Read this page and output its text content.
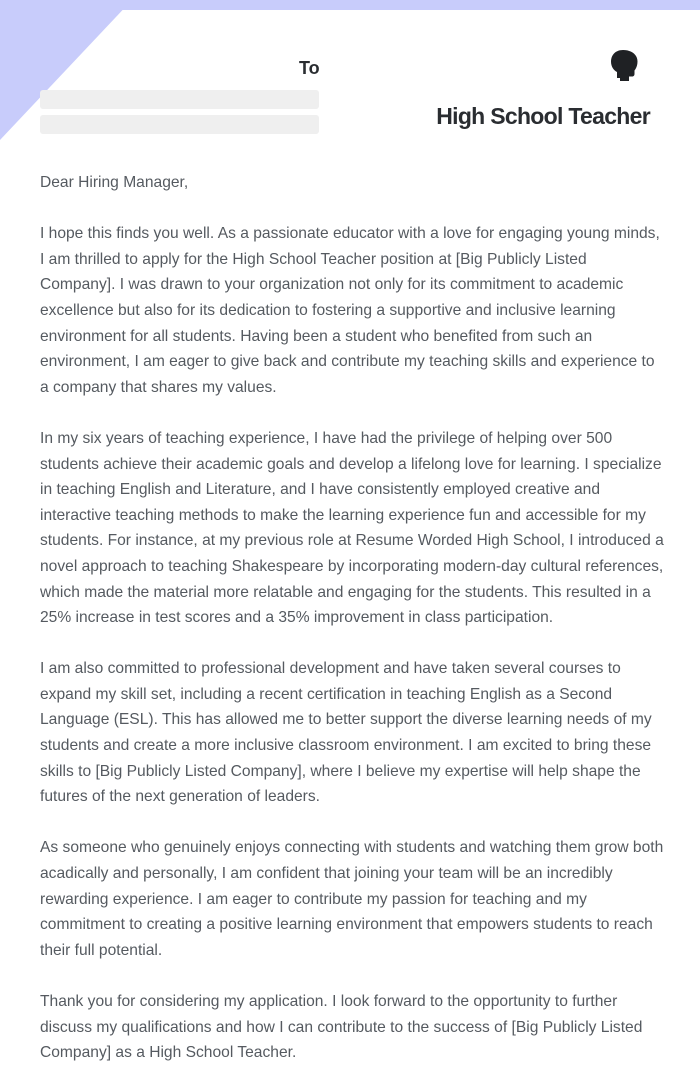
To
High School Teacher

Dear Hiring Manager,

I hope this finds you well. As a passionate educator with a love for engaging young minds, I am thrilled to apply for the High School Teacher position at [Big Publicly Listed Company]. I was drawn to your organization not only for its commitment to academic excellence but also for its dedication to fostering a supportive and inclusive learning environment for all students. Having been a student who benefited from such an environment, I am eager to give back and contribute my teaching skills and experience to a company that shares my values.

In my six years of teaching experience, I have had the privilege of helping over 500 students achieve their academic goals and develop a lifelong love for learning. I specialize in teaching English and Literature, and I have consistently employed creative and interactive teaching methods to make the learning experience fun and accessible for my students. For instance, at my previous role at Resume Worded High School, I introduced a novel approach to teaching Shakespeare by incorporating modern-day cultural references, which made the material more relatable and engaging for the students. This resulted in a 25% increase in test scores and a 35% improvement in class participation.

I am also committed to professional development and have taken several courses to expand my skill set, including a recent certification in teaching English as a Second Language (ESL). This has allowed me to better support the diverse learning needs of my students and create a more inclusive classroom environment. I am excited to bring these skills to [Big Publicly Listed Company], where I believe my expertise will help shape the futures of the next generation of leaders.

As someone who genuinely enjoys connecting with students and watching them grow both acadically and personally, I am confident that joining your team will be an incredibly rewarding experience. I am eager to contribute my passion for teaching and my commitment to creating a positive learning environment that empowers students to reach their full potential.

Thank you for considering my application. I look forward to the opportunity to further discuss my qualifications and how I can contribute to the success of [Big Publicly Listed Company] as a High School Teacher.
